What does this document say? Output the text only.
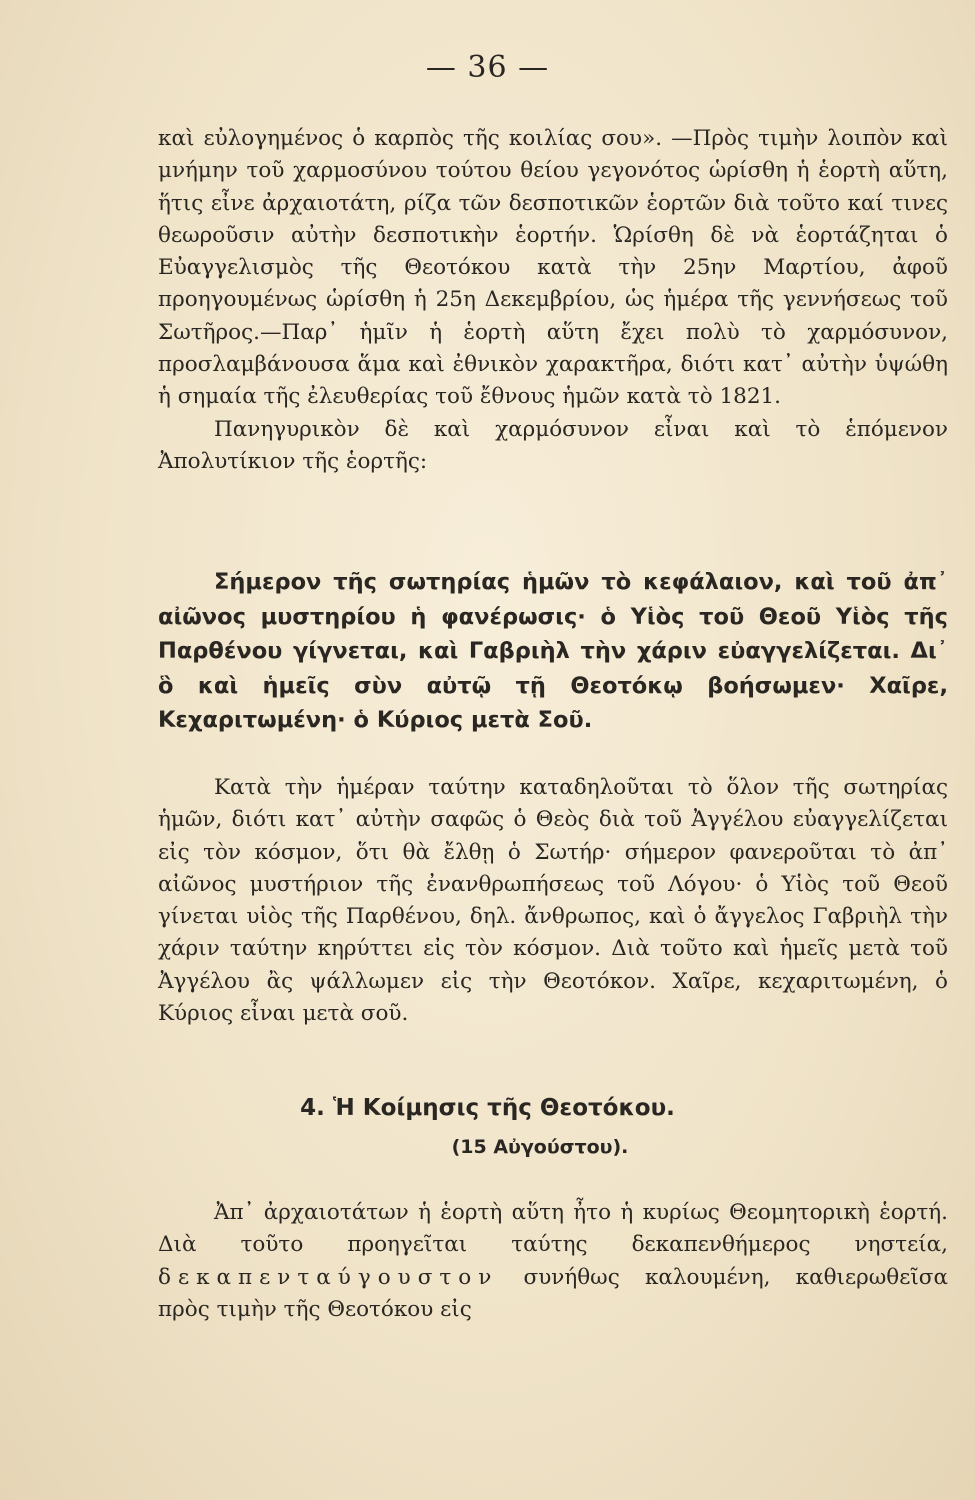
— 36 —

καὶ εὐλογημένος ὁ καρπὸς τῆς κοιλίας σου». —Πρὸς τιμὴν λοιπὸν καὶ μνήμην τοῦ χαρμοσύνου τούτου θείου γεγονότος ὡρίσθη ἡ ἑορτὴ αὕτη, ἥτις εἶνε ἀρχαιοτάτη, ρίζα τῶν δεσποτικῶν ἑορτῶν διὰ τοῦτο καί τινες θεωροῦσιν αὐτὴν δεσποτικὴν ἑορτήν. Ὡρίσθη δὲ νὰ ἑορτάζηται ὁ Εὐαγγελισμὸς τῆς Θεοτόκου κατὰ τὴν 25ην Μαρτίου, ἀφοῦ προηγουμένως ὡρίσθη ἡ 25η Δεκεμβρίου, ὡς ἡμέρα τῆς γεννήσεως τοῦ Σωτῆρος.—Παρ᾽ ἡμῖν ἡ ἑορτὴ αὕτη ἔχει πολὺ τὸ χαρμόσυνον, προσλαμβάνουσα ἅμα καὶ ἐθνικὸν χαρακτῆρα, διότι κατ᾽ αὐτὴν ὑψώθη ἡ σημαία τῆς ἐλευθερίας τοῦ ἔθνους ἡμῶν κατὰ τὸ 1821.

Πανηγυρικὸν δὲ καὶ χαρμόσυνον εἶναι καὶ τὸ ἑπόμενον Ἀπολυτίκιον τῆς ἑορτῆς:

Σήμερον τῆς σωτηρίας ἡμῶν τὸ κεφάλαιον, καὶ τοῦ ἀπ᾽ αἰῶνος μυστηρίου ἡ φανέρωσις· ὁ Υἱὸς τοῦ Θεοῦ Υἱὸς τῆς Παρθένου γίγνεται, καὶ Γαβριὴλ τὴν χάριν εὐαγγελίζεται. Δι᾽ ὃ καὶ ἡμεῖς σὺν αὐτῷ τῇ Θεοτόκῳ βοήσωμεν· Χαῖρε, Κεχαριτωμένη· ὁ Κύριος μετὰ Σοῦ.

Κατὰ τὴν ἡμέραν ταύτην καταδηλοῦται τὸ ὅλον τῆς σωτηρίας ἡμῶν, διότι κατ᾽ αὐτὴν σαφῶς ὁ Θεὸς διὰ τοῦ Ἀγγέλου εὐαγγελίζεται εἰς τὸν κόσμον, ὅτι θὰ ἔλθῃ ὁ Σωτήρ· σήμερον φανεροῦται τὸ ἀπ᾽ αἰῶνος μυστήριον τῆς ἐνανθρωπήσεως τοῦ Λόγου· ὁ Υἱὸς τοῦ Θεοῦ γίνεται υἱὸς τῆς Παρθένου, δηλ. ἄνθρωπος, καὶ ὁ ἄγγελος Γαβριὴλ τὴν χάριν ταύτην κηρύττει εἰς τὸν κόσμον. Διὰ τοῦτο καὶ ἡμεῖς μετὰ τοῦ Ἀγγέλου ἂς ψάλλωμεν εἰς τὴν Θεοτόκον. Χαῖρε, κεχαριτωμένη, ὁ Κύριος εἶναι μετὰ σοῦ.

4. Ἡ Κοίμησις τῆς Θεοτόκου.
(15 Αὐγούστου).

Ἀπ᾽ ἀρχαιοτάτων ἡ ἑορτὴ αὕτη ἦτο ἡ κυρίως Θεομητορικὴ ἑορτή. Διὰ τοῦτο προηγεῖται ταύτης δεκαπενθήμερος νηστεία, δεκαπενταύγουστον συνήθως καλουμένη, καθιερωθεῖσα πρὸς τιμὴν τῆς Θεοτόκου εἰς
